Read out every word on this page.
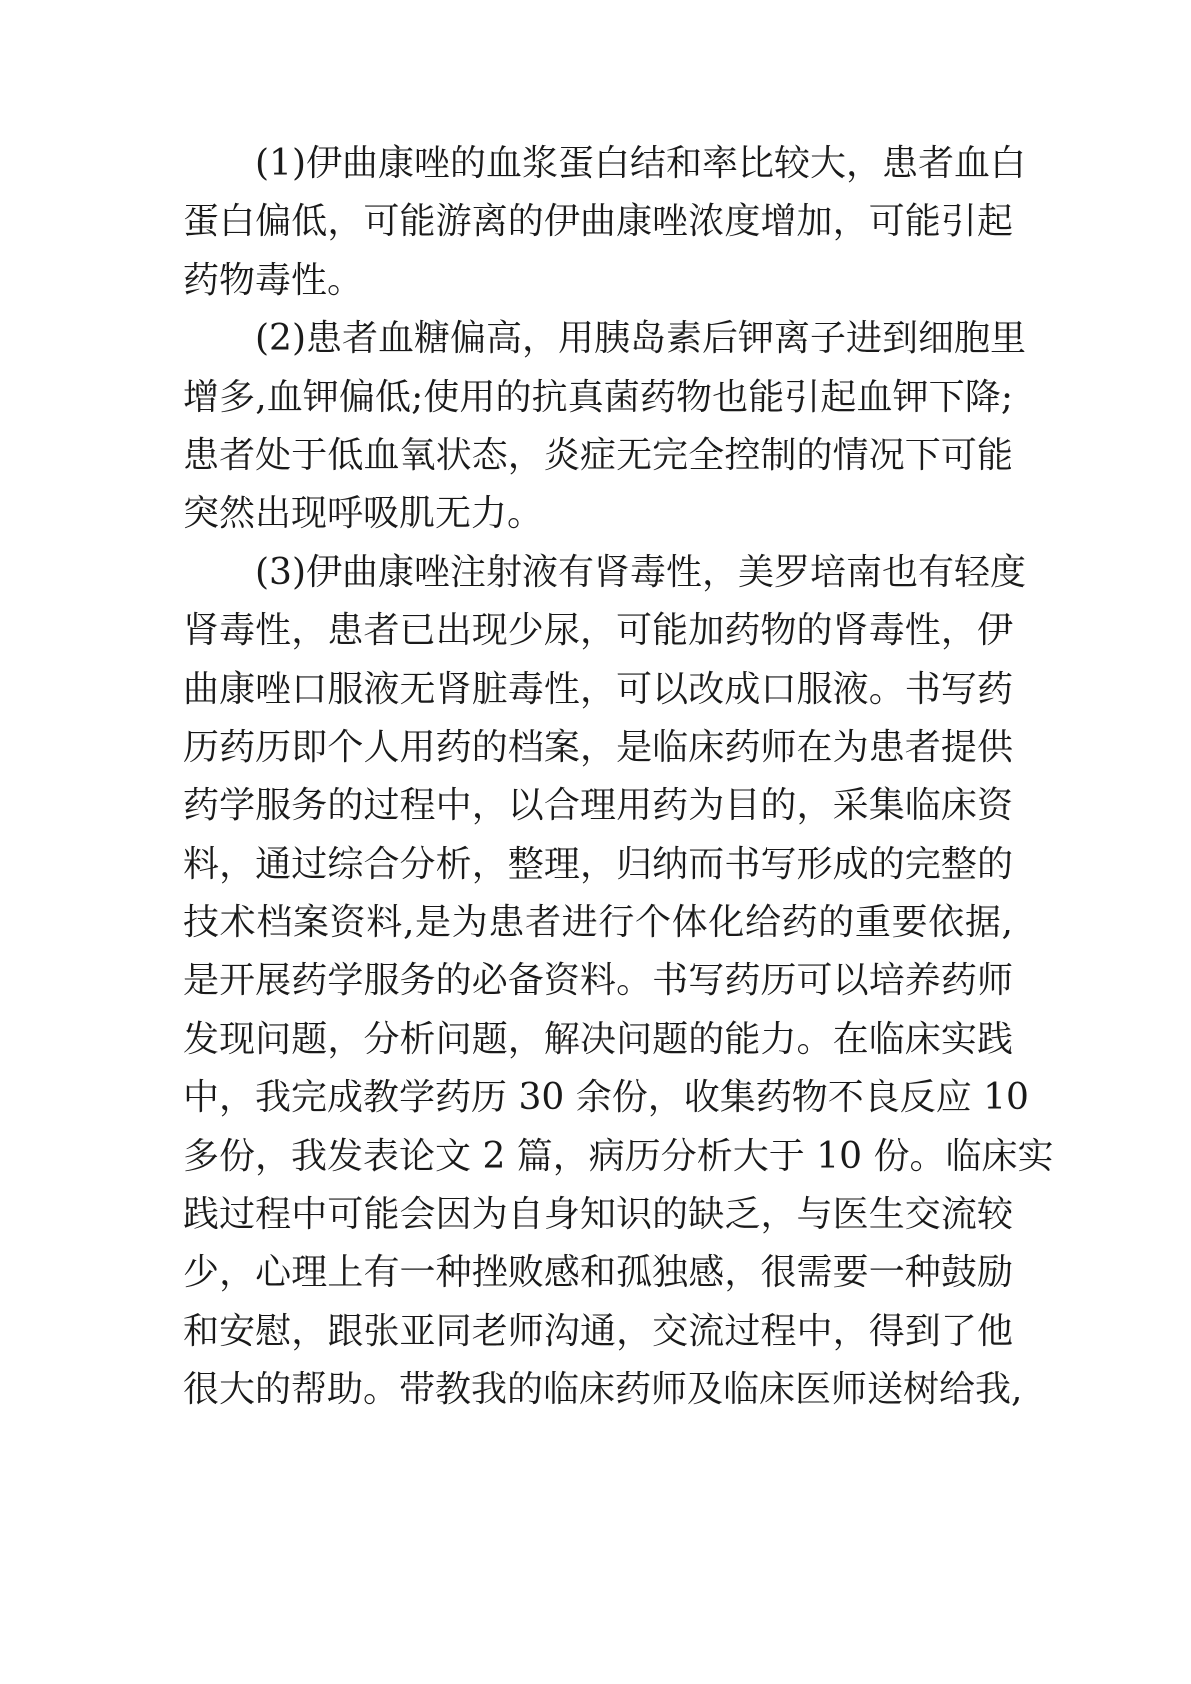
(1)伊曲康唑的血浆蛋白结和率比较大，患者血白
蛋白偏低，可能游离的伊曲康唑浓度增加，可能引起
药物毒性。
(2)患者血糖偏高，用胰岛素后钾离子进到细胞里
增多,血钾偏低;使用的抗真菌药物也能引起血钾下降;
患者处于低血氧状态，炎症无完全控制的情况下可能
突然出现呼吸肌无力。
(3)伊曲康唑注射液有肾毒性，美罗培南也有轻度
肾毒性，患者已出现少尿，可能加药物的肾毒性，伊
曲康唑口服液无肾脏毒性，可以改成口服液。书写药
历药历即个人用药的档案，是临床药师在为患者提供
药学服务的过程中，以合理用药为目的，采集临床资
料，通过综合分析，整理，归纳而书写形成的完整的
技术档案资料,是为患者进行个体化给药的重要依据,
是开展药学服务的必备资料。书写药历可以培养药师
发现问题，分析问题，解决问题的能力。在临床实践
中，我完成教学药历 30 余份，收集药物不良反应 10
多份，我发表论文 2 篇，病历分析大于 10 份。临床实
践过程中可能会因为自身知识的缺乏，与医生交流较
少，心理上有一种挫败感和孤独感，很需要一种鼓励
和安慰，跟张亚同老师沟通，交流过程中，得到了他
很大的帮助。带教我的临床药师及临床医师送树给我,
